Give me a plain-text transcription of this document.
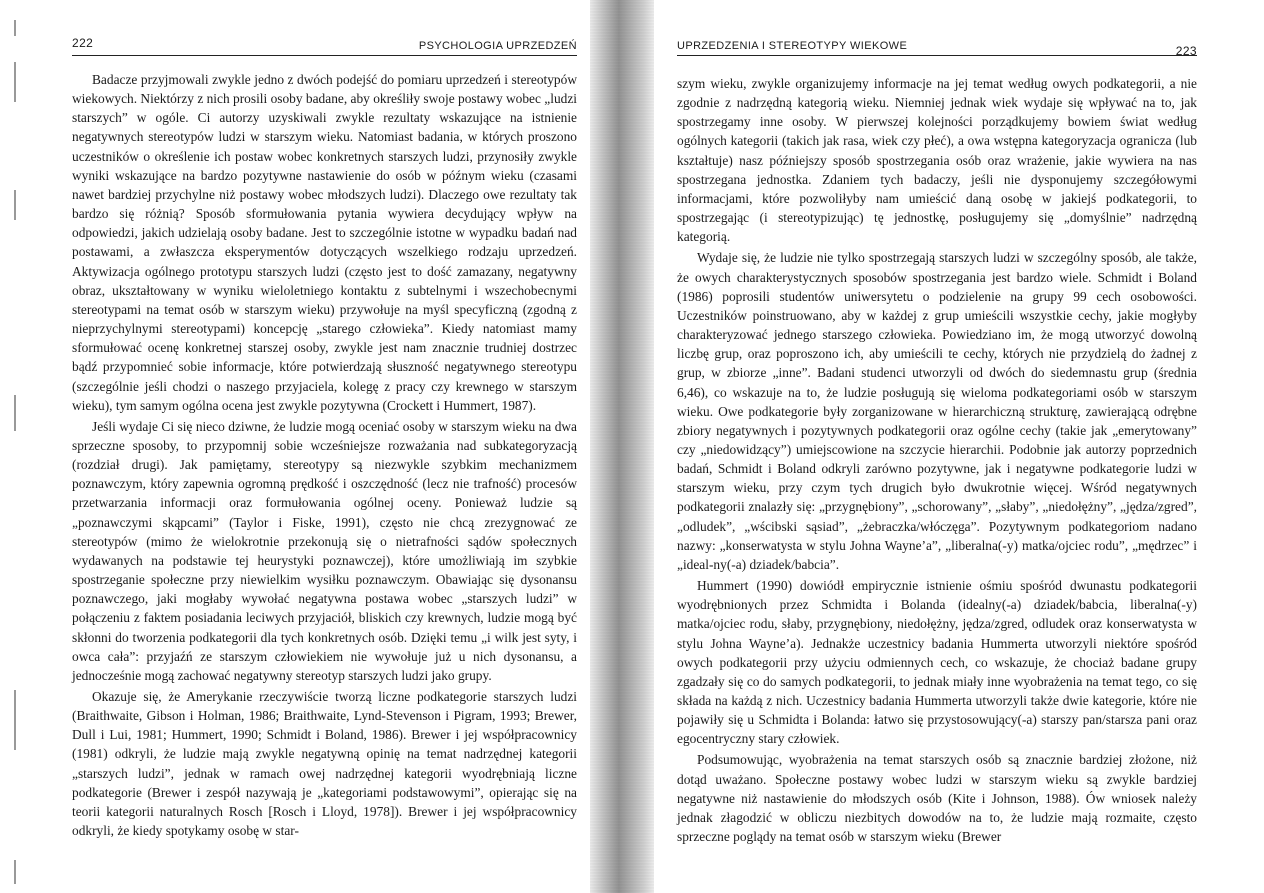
222	PSYCHOLOGIA UPRZEDZEŃ

Badacze przyjmowali zwykle jedno z dwóch podejść do pomiaru uprzedzeń i stereotypów wiekowych. Niektórzy z nich prosili osoby badane, aby określiły swoje postawy wobec „ludzi starszych” w ogóle. Ci autorzy uzyskiwali zwykle rezultaty wskazujące na istnienie negatywnych stereotypów ludzi w starszym wieku. Natomiast badania, w których proszono uczestników o określenie ich postaw wobec konkretnych starszych ludzi, przynosiły zwykle wyniki wskazujące na bardzo pozytywne nastawienie do osób w późnym wieku (czasami nawet bardziej przychylne niż postawy wobec młodszych ludzi). Dlaczego owe rezultaty tak bardzo się różnią? Sposób sformułowania pytania wywiera decydujący wpływ na odpowiedzi, jakich udzielają osoby badane. Jest to szczególnie istotne w wypadku badań nad postawami, a zwłaszcza eksperymentów dotyczących wszelkiego rodzaju uprzedzeń. Aktywizacja ogólnego prototypu starszych ludzi (często jest to dość zamazany, negatywny obraz, ukształtowany w wyniku wieloletniego kontaktu z subtelnymi i wszechobecnymi stereotypami na temat osób w starszym wieku) przywołuje na myśl specyficzną (zgodną z nieprzychylnymi stereotypami) koncepcję „starego człowieka”. Kiedy natomiast mamy sformułować ocenę konkretnej starszej osoby, zwykle jest nam znacznie trudniej dostrzec bądź przypomnieć sobie informacje, które potwierdzają słuszność negatywnego stereotypu (szczególnie jeśli chodzi o naszego przyjaciela, kolegę z pracy czy krewnego w starszym wieku), tym samym ogólna ocena jest zwykle pozytywna (Crockett i Hummert, 1987).

Jeśli wydaje Ci się nieco dziwne, że ludzie mogą oceniać osoby w starszym wieku na dwa sprzeczne sposoby, to przypomnij sobie wcześniejsze rozważania nad subkategoryzacją (rozdział drugi). Jak pamiętamy, stereotypy są niezwykle szybkim mechanizmem poznawczym, który zapewnia ogromną prędkość i oszczędność (lecz nie trafność) procesów przetwarzania informacji oraz formułowania ogólnej oceny. Ponieważ ludzie są „poznawczymi skąpcami” (Taylor i Fiske, 1991), często nie chcą zrezygnować ze stereotypów (mimo że wielokrotnie przekonują się o nietrafności sądów społecznych wydawanych na podstawie tej heurystyki poznawczej), które umożliwiają im szybkie spostrzeganie społeczne przy niewielkim wysiłku poznawczym. Obawiając się dysonansu poznawczego, jaki mogłaby wywołać negatywna postawa wobec „starszych ludzi” w połączeniu z faktem posiadania leciwych przyjaciół, bliskich czy krewnych, ludzie mogą być skłonni do tworzenia podkategorii dla tych konkretnych osób. Dzięki temu „i wilk jest syty, i owca cała”: przyjaźń ze starszym człowiekiem nie wywołuje już u nich dysonansu, a jednocześnie mogą zachować negatywny stereotyp starszych ludzi jako grupy.

Okazuje się, że Amerykanie rzeczywiście tworzą liczne podkategorie starszych ludzi (Braithwaite, Gibson i Holman, 1986; Braithwaite, Lynd-Stevenson i Pigram, 1993; Brewer, Dull i Lui, 1981; Hummert, 1990; Schmidt i Boland, 1986). Brewer i jej współpracownicy (1981) odkryli, że ludzie mają zwykle negatywną opinię na temat nadrzędnej kategorii „starszych ludzi”, jednak w ramach owej nadrzędnej kategorii wyodrębniają liczne podkategorie (Brewer i zespół nazywają je „kategoriami podstawowymi”, opierając się na teorii kategorii naturalnych Rosch [Rosch i Lloyd, 1978]). Brewer i jej współpracownicy odkryli, że kiedy spotykamy osobę w star-

UPRZEDZENIA I STEREOTYPY WIEKOWE	223

szym wieku, zwykle organizujemy informacje na jej temat według owych podkategorii, a nie zgodnie z nadrzędną kategorią wieku. Niemniej jednak wiek wydaje się wpływać na to, jak spostrzegamy inne osoby. W pierwszej kolejności porządkujemy bowiem świat według ogólnych kategorii (takich jak rasa, wiek czy płeć), a owa wstępna kategoryzacja ogranicza (lub kształtuje) nasz późniejszy sposób spostrzegania osób oraz wrażenie, jakie wywiera na nas spostrzegana jednostka. Zdaniem tych badaczy, jeśli nie dysponujemy szczegółowymi informacjami, które pozwoliłyby nam umieścić daną osobę w jakiejś podkategorii, to spostrzegając (i stereotypizując) tę jednostkę, posługujemy się „domyślnie” nadrzędną kategorią.

Wydaje się, że ludzie nie tylko spostrzegają starszych ludzi w szczególny sposób, ale także, że owych charakterystycznych sposobów spostrzegania jest bardzo wiele. Schmidt i Boland (1986) poprosili studentów uniwersytetu o podzielenie na grupy 99 cech osobowości. Uczestników poinstruowano, aby w każdej z grup umieścili wszystkie cechy, jakie mogłyby charakteryzować jednego starszego człowieka. Powiedziano im, że mogą utworzyć dowolną liczbę grup, oraz poproszono ich, aby umieścili te cechy, których nie przydzielą do żadnej z grup, w zbiorze „inne”. Badani studenci utworzyli od dwóch do siedemnastu grup (średnia 6,46), co wskazuje na to, że ludzie posługują się wieloma podkategoriami osób w starszym wieku. Owe podkategorie były zorganizowane w hierarchiczną strukturę, zawierającą odrębne zbiory negatywnych i pozytywnych podkategorii oraz ogólne cechy (takie jak „emerytowany” czy „niedowidzący”) umiejscowione na szczycie hierarchii. Podobnie jak autorzy poprzednich badań, Schmidt i Boland odkryli zarówno pozytywne, jak i negatywne podkategorie ludzi w starszym wieku, przy czym tych drugich było dwukrotnie więcej. Wśród negatywnych podkategorii znalazły się: „przygnębiony”, „schorowany”, „słaby”, „niedołężny”, „jędza/zgred”, „odludek”, „wścibski sąsiad”, „żebraczka/włóczęga”. Pozytywnym podkategoriom nadano nazwy: „konserwatysta w stylu Johna Wayne’a”, „liberalna(-y) matka/ojciec rodu”, „mędrzec” i „ideal-ny(-a) dziadek/babcia”.

Hummert (1990) dowiódł empirycznie istnienie ośmiu spośród dwunastu podkategorii wyodrębnionych przez Schmidta i Bolanda (idealny(-a) dziadek/babcia, liberalna(-y) matka/ojciec rodu, słaby, przygnębiony, niedołężny, jędza/zgred, odludek oraz konserwatysta w stylu Johna Wayne’a). Jednakże uczestnicy badania Hummerta utworzyli niektóre spośród owych podkategorii przy użyciu odmiennych cech, co wskazuje, że chociaż badane grupy zgadzały się co do samych podkategorii, to jednak miały inne wyobrażenia na temat tego, co się składa na każdą z nich. Uczestnicy badania Hummerta utworzyli także dwie kategorie, które nie pojawiły się u Schmidta i Bolanda: łatwo się przystosowujący(-a) starszy pan/starsza pani oraz egocentryczny stary człowiek.

Podsumowując, wyobrażenia na temat starszych osób są znacznie bardziej złożone, niż dotąd uważano. Społeczne postawy wobec ludzi w starszym wieku są zwykle bardziej negatywne niż nastawienie do młodszych osób (Kite i Johnson, 1988). Ów wniosek należy jednak złagodzić w obliczu niezbitych dowodów na to, że ludzie mają rozmaite, często sprzeczne poglądy na temat osób w starszym wieku (Brewer
